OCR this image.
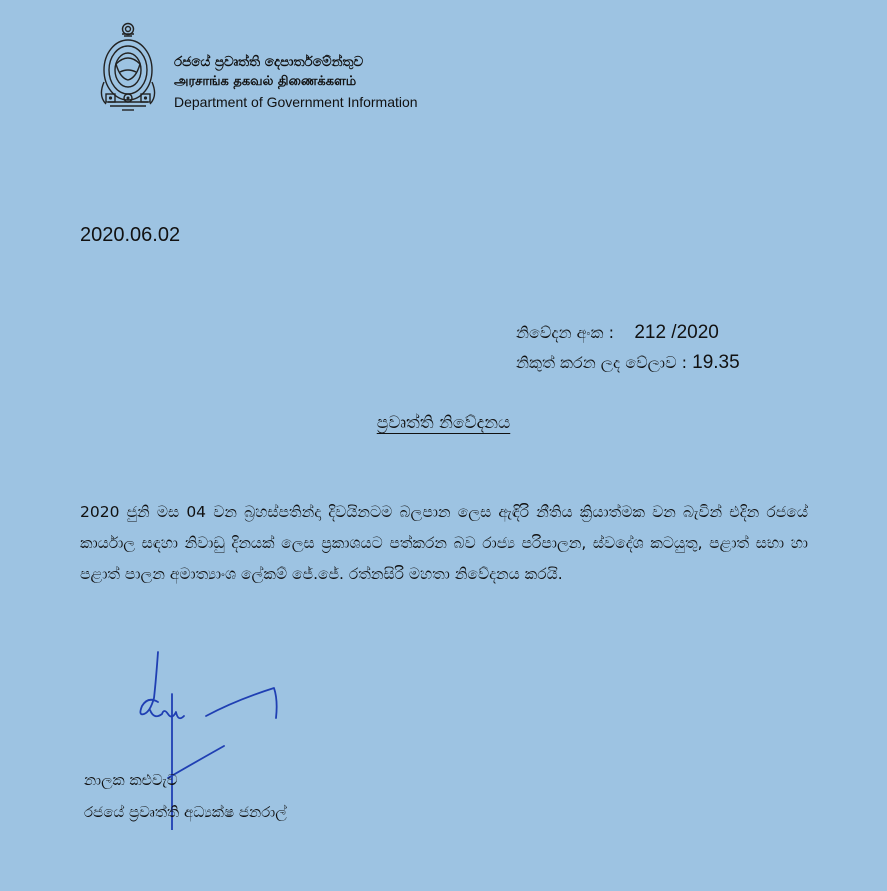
රජයේ ප්‍රවෘත්ති දෙපාර්තමේන්තුව
அரசாங்க தகவல் திணைக்களம்
Department of Government Information
2020.06.02
නිවේදන අංක : 212 /2020
නිකුත් කරන ලද වේලාව : 19.35
ප්‍රවෘත්ති නිවේදනය
2020 ජුනි මස 04 වන බ්‍රහස්පතින්දා දිවයිනටම බලපාන ලෙස ඇඳිරි නීතිය ක්‍රියාත්මක වන බැවින් එදින රජයේ කාර්යාල සඳහා නිවාඩු දිනයක් ලෙස ප්‍රකාශයට පත්කරන බව රාජ්‍ය පරිපාලන, ස්වදේශ කටයුතු, පළාත් සභා හා පළාත් පාලන අමාත්‍යාංශ ලේකම් ජේ.ජේ. රත්නසිරි මහතා නිවේදනය කරයි.
නාලක කළුවැව
රජයේ ප්‍රවෘත්ති අධ්‍යක්ෂ ජනරාල්
